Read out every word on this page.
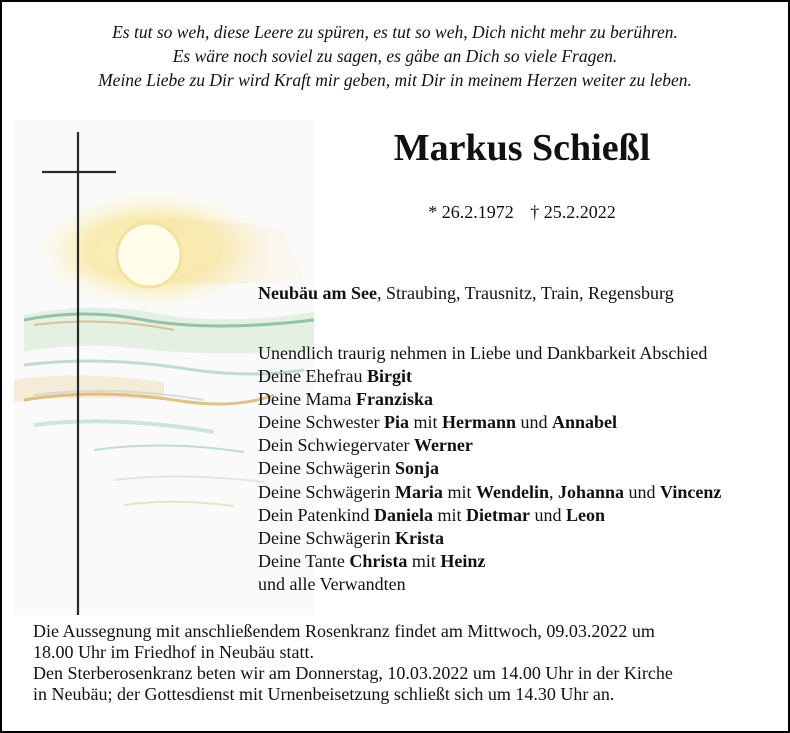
Es tut so weh, diese Leere zu spüren, es tut so weh, Dich nicht mehr zu berühren.
Es wäre noch soviel zu sagen, es gäbe an Dich so viele Fragen.
Meine Liebe zu Dir wird Kraft mir geben, mit Dir in meinem Herzen weiter zu leben.
Markus Schießl
* 26.2.1972 † 25.2.2022
Neubäu am See, Straubing, Trausnitz, Train, Regensburg
Unendlich traurig nehmen in Liebe und Dankbarkeit Abschied
Deine Ehefrau Birgit
Deine Mama Franziska
Deine Schwester Pia mit Hermann und Annabel
Dein Schwiegervater Werner
Deine Schwägerin Sonja
Deine Schwägerin Maria mit Wendelin, Johanna und Vincenz
Dein Patenkind Daniela mit Dietmar und Leon
Deine Schwägerin Krista
Deine Tante Christa mit Heinz
und alle Verwandten
Die Aussegnung mit anschließendem Rosenkranz findet am Mittwoch, 09.03.2022 um
18.00 Uhr im Friedhof in Neubäu statt.
Den Sterberosenkranz beten wir am Donnerstag, 10.03.2022 um 14.00 Uhr in der Kirche
in Neubäu; der Gottesdienst mit Urnenbeisetzung schließt sich um 14.30 Uhr an.
